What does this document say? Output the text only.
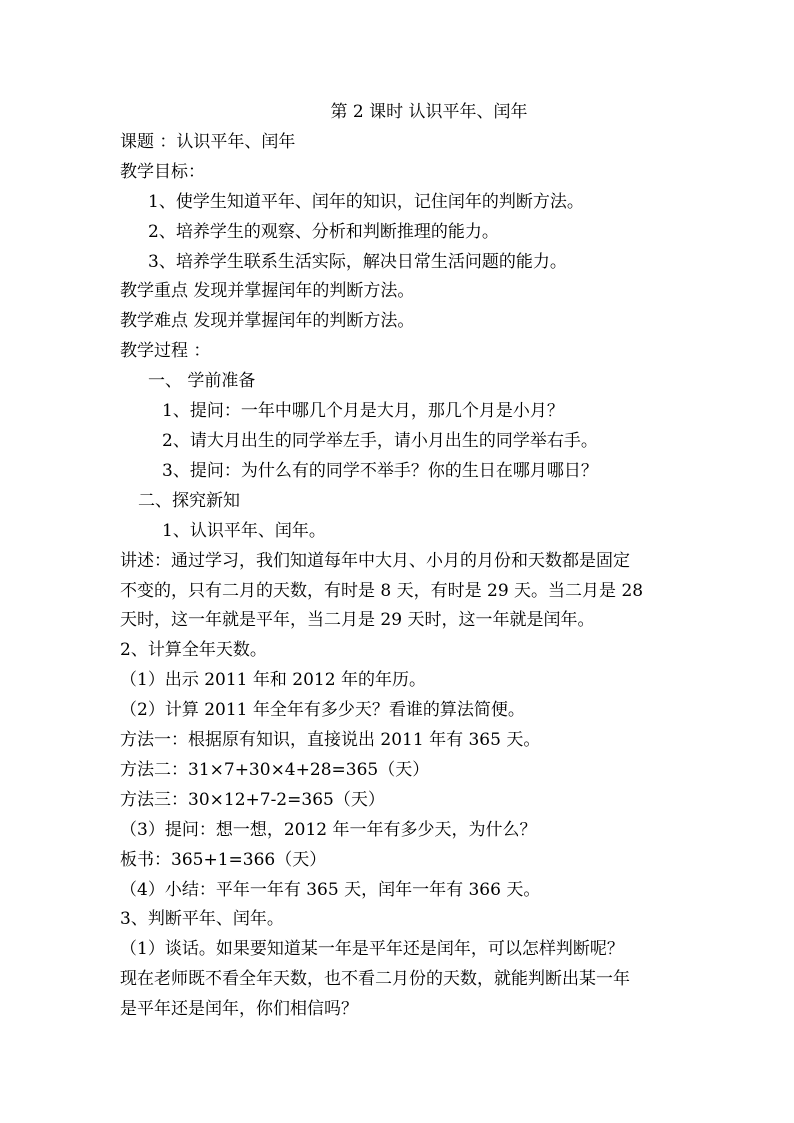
第 2 课时 认识平年、闰年

课题 ：认识平年、闰年

教学目标：

1、使学生知道平年、闰年的知识，记住闰年的判断方法。

2、培养学生的观察、分析和判断推理的能力。

3、培养学生联系生活实际，解决日常生活问题的能力。

教学重点 发现并掌握闰年的判断方法。

教学难点 发现并掌握闰年的判断方法。

教学过程 ：

一、 学前准备

1、提问：一年中哪几个月是大月，那几个月是小月？

2、请大月出生的同学举左手，请小月出生的同学举右手。

3、提问：为什么有的同学不举手？你的生日在哪月哪日？

二、探究新知

1、认识平年、闰年。

讲述：通过学习，我们知道每年中大月、小月的月份和天数都是固定

不变的，只有二月的天数，有时是 8 天，有时是 29 天。当二月是 28

天时，这一年就是平年，当二月是 29 天时，这一年就是闰年。

2、计算全年天数。

（1）出示 2011 年和 2012 年的年历。

（2）计算 2011 年全年有多少天？看谁的算法简便。

方法一：根据原有知识，直接说出 2011 年有 365 天。

方法二：31×7+30×4+28=365（天）

方法三：30×12+7-2=365（天）

（3）提问：想一想，2012 年一年有多少天，为什么？

板书：365+1=366（天）

（4）小结：平年一年有 365 天，闰年一年有 366 天。

3、判断平年、闰年。

（1）谈话。如果要知道某一年是平年还是闰年，可以怎样判断呢？

现在老师既不看全年天数，也不看二月份的天数，就能判断出某一年

是平年还是闰年，你们相信吗？
